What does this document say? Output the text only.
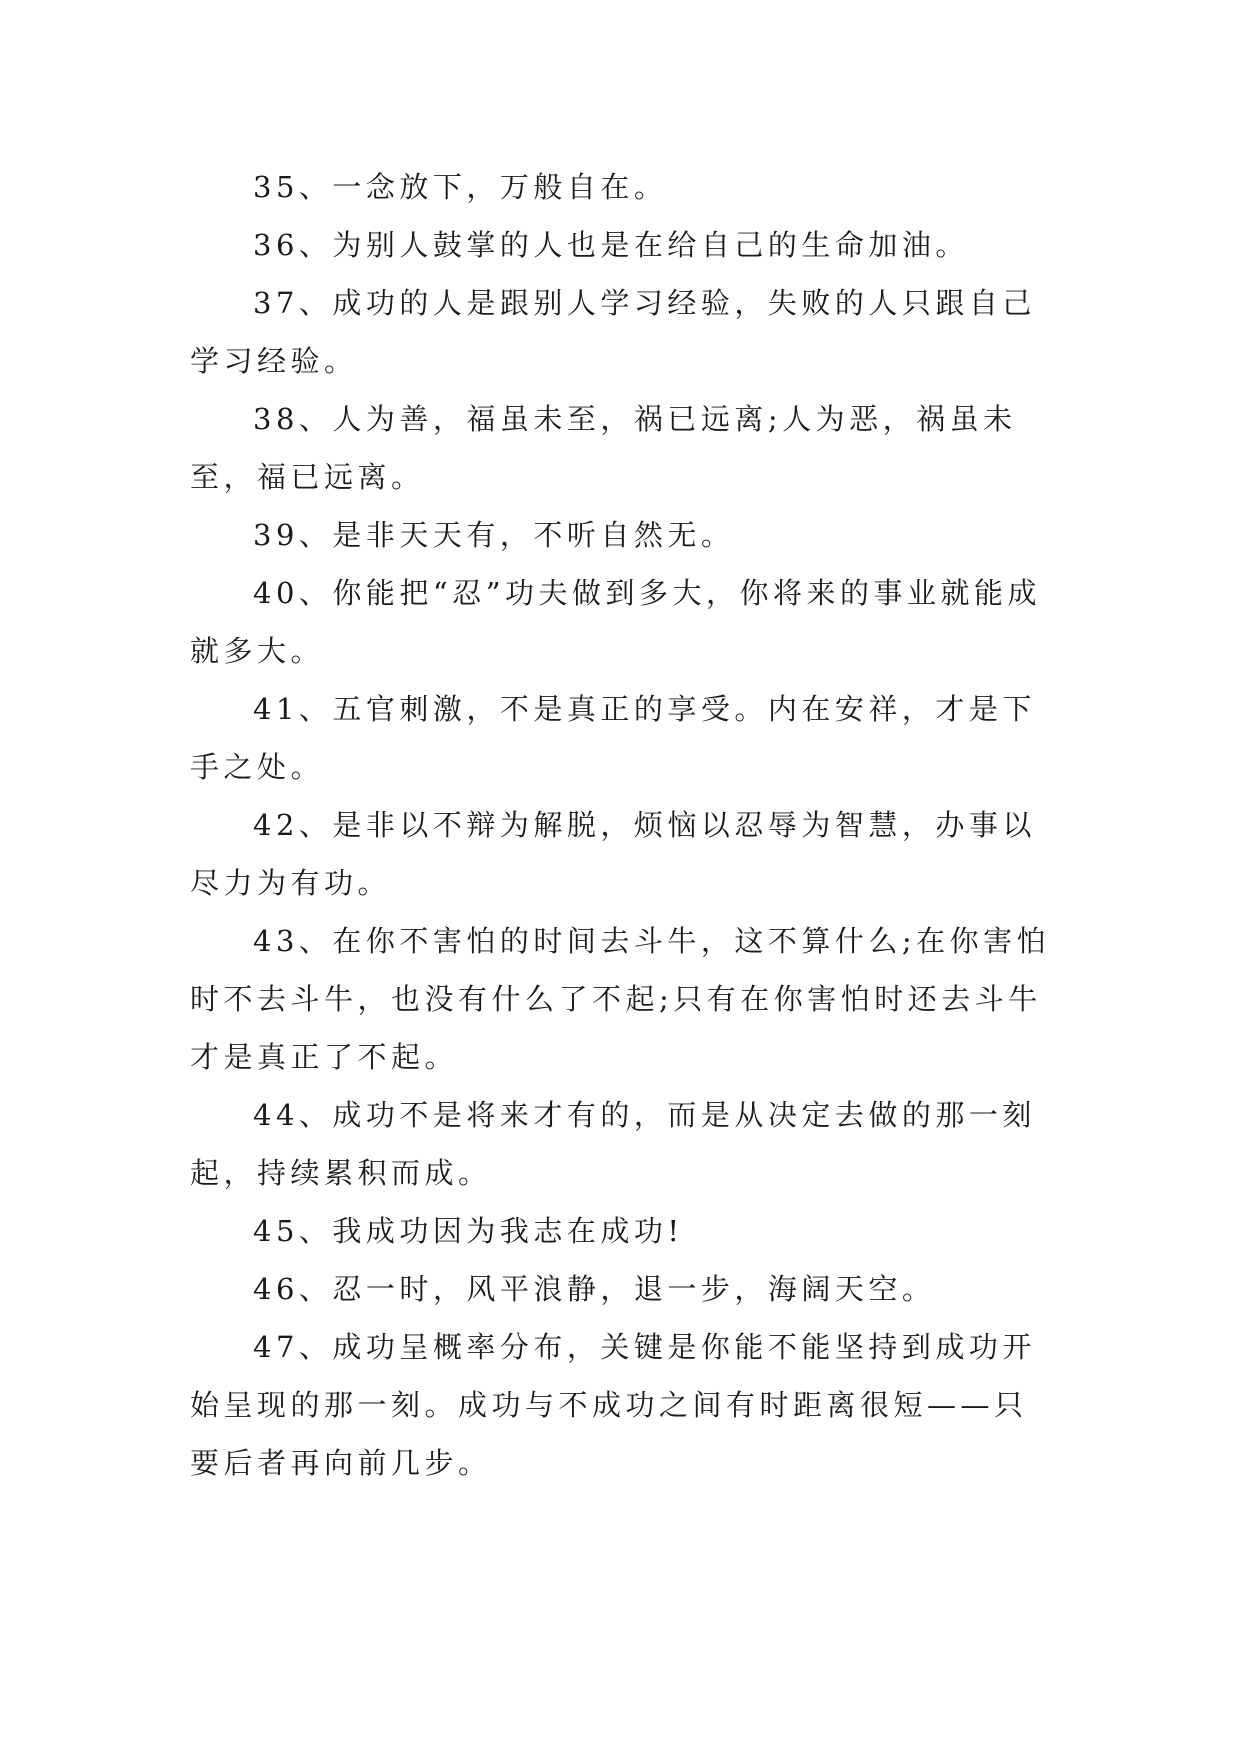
35、一念放下，万般自在。

36、为别人鼓掌的人也是在给自己的生命加油。

37、成功的人是跟别人学习经验，失败的人只跟自己学习经验。

38、人为善，福虽未至，祸已远离;人为恶，祸虽未至，福已远离。

39、是非天天有，不听自然无。

40、你能把“忍”功夫做到多大，你将来的事业就能成就多大。

41、五官刺激，不是真正的享受。内在安祥，才是下手之处。

42、是非以不辩为解脱，烦恼以忍辱为智慧，办事以尽力为有功。

43、在你不害怕的时间去斗牛，这不算什么;在你害怕时不去斗牛，也没有什么了不起;只有在你害怕时还去斗牛才是真正了不起。

44、成功不是将来才有的，而是从决定去做的那一刻起，持续累积而成。

45、我成功因为我志在成功!

46、忍一时，风平浪静，退一步，海阔天空。

47、成功呈概率分布，关键是你能不能坚持到成功开始呈现的那一刻。成功与不成功之间有时距离很短——只要后者再向前几步。
